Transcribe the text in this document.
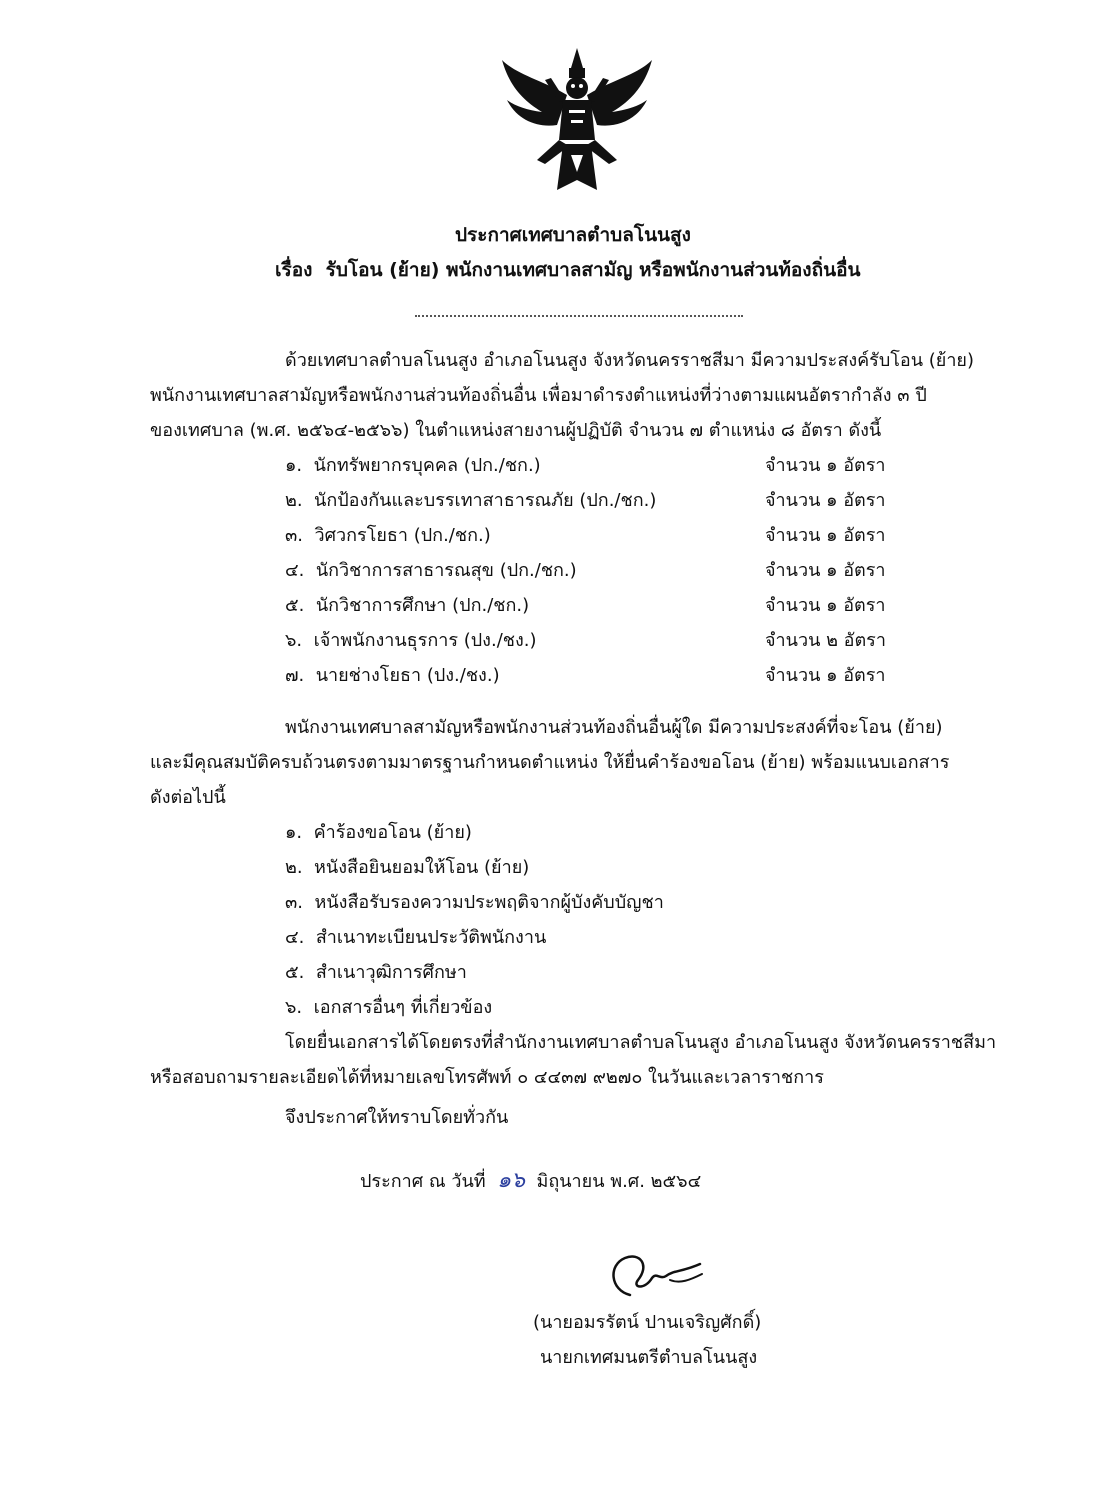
ประกาศเทศบาลตำบลโนนสูง
เรื่อง รับโอน (ย้าย) พนักงานเทศบาลสามัญ หรือพนักงานส่วนท้องถิ่นอื่น
ด้วยเทศบาลตำบลโนนสูง อำเภอโนนสูง จังหวัดนครราชสีมา มีความประสงค์รับโอน (ย้าย)
พนักงานเทศบาลสามัญหรือพนักงานส่วนท้องถิ่นอื่น เพื่อมาดำรงตำแหน่งที่ว่างตามแผนอัตรากำลัง ๓ ปี
ของเทศบาล (พ.ศ. ๒๕๖๔-๒๕๖๖) ในตำแหน่งสายงานผู้ปฏิบัติ จำนวน ๗ ตำแหน่ง ๘ อัตรา ดังนี้
๑. นักทรัพยากรบุคคล (ปก./ชก.)	จำนวน ๑ อัตรา
๒. นักป้องกันและบรรเทาสาธารณภัย (ปก./ชก.)	จำนวน ๑ อัตรา
๓. วิศวกรโยธา (ปก./ชก.)	จำนวน ๑ อัตรา
๔. นักวิชาการสาธารณสุข (ปก./ชก.)	จำนวน ๑ อัตรา
๕. นักวิชาการศึกษา (ปก./ชก.)	จำนวน ๑ อัตรา
๖. เจ้าพนักงานธุรการ (ปง./ชง.)	จำนวน ๒ อัตรา
๗. นายช่างโยธา (ปง./ชง.)	จำนวน ๑ อัตรา
พนักงานเทศบาลสามัญหรือพนักงานส่วนท้องถิ่นอื่นผู้ใด มีความประสงค์ที่จะโอน (ย้าย)
และมีคุณสมบัติครบถ้วนตรงตามมาตรฐานกำหนดตำแหน่ง ให้ยื่นคำร้องขอโอน (ย้าย) พร้อมแนบเอกสาร
ดังต่อไปนี้
๑. คำร้องขอโอน (ย้าย)
๒. หนังสือยินยอมให้โอน (ย้าย)
๓. หนังสือรับรองความประพฤติจากผู้บังคับบัญชา
๔. สำเนาทะเบียนประวัติพนักงาน
๕. สำเนาวุฒิการศึกษา
๖. เอกสารอื่นๆ ที่เกี่ยวข้อง
โดยยื่นเอกสารได้โดยตรงที่สำนักงานเทศบาลตำบลโนนสูง อำเภอโนนสูง จังหวัดนครราชสีมา
หรือสอบถามรายละเอียดได้ที่หมายเลขโทรศัพท์ ๐ ๔๔๓๗ ๙๒๗๐ ในวันและเวลาราชการ
จึงประกาศให้ทราบโดยทั่วกัน
ประกาศ ณ วันที่ ๑๖ มิถุนายน พ.ศ. ๒๕๖๔
(นายอมรรัตน์ ปานเจริญศักดิ์)
นายกเทศมนตรีตำบลโนนสูง
